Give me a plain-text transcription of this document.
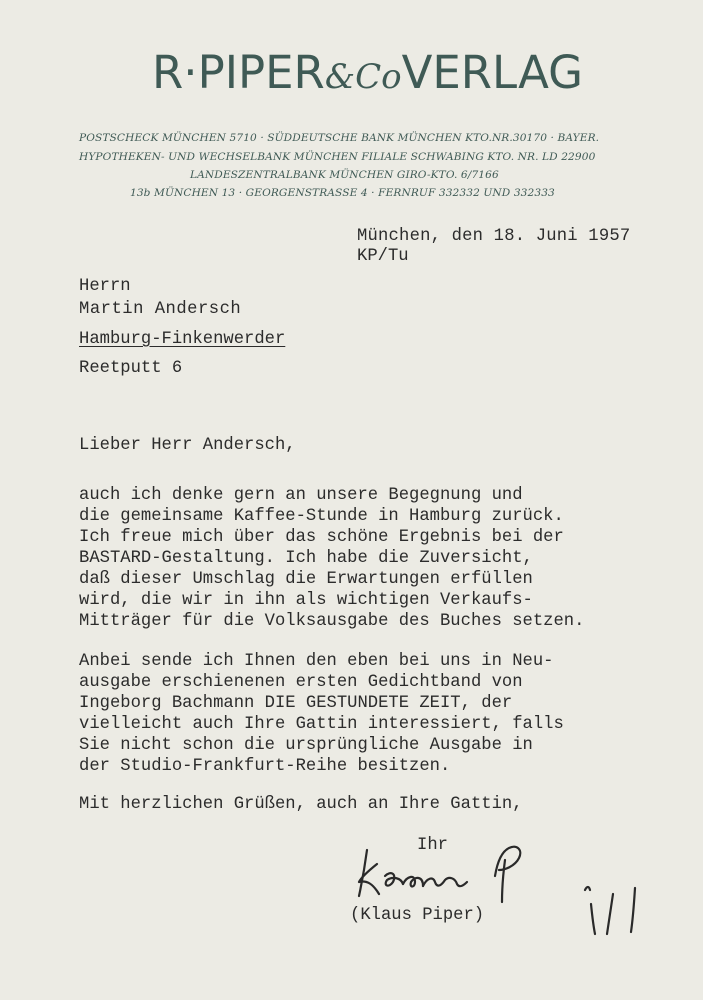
R·PIPER&CoVERLAG
POSTSCHECK MÜNCHEN 5710 · SÜDDEUTSCHE BANK MÜNCHEN KTO.NR.30170 · BAYER.
HYPOTHEKEN- UND WECHSELBANK MÜNCHEN FILIALE SCHWABING KTO. NR. LD 22900
LANDESZENTRALBANK MÜNCHEN GIRO-KTO. 6/7166
13b MÜNCHEN 13 · GEORGENSTRASSE 4 · FERNRUF 332332 UND 332333
München, den 18. Juni 1957
KP/Tu
Herrn
Martin Andersch
Hamburg-Finkenwerder
Reetputt 6
Lieber Herr Andersch,
auch ich denke gern an unsere Begegnung und
die gemeinsame Kaffee-Stunde in Hamburg zurück.
Ich freue mich über das schöne Ergebnis bei der
BASTARD-Gestaltung. Ich habe die Zuversicht,
daß dieser Umschlag die Erwartungen erfüllen
wird, die wir in ihn als wichtigen Verkaufs-
Mitträger für die Volksausgabe des Buches setzen.
Anbei sende ich Ihnen den eben bei uns in Neu-
ausgabe erschienenen ersten Gedichtband von
Ingeborg Bachmann DIE GESTUNDETE ZEIT, der
vielleicht auch Ihre Gattin interessiert, falls
Sie nicht schon die ursprüngliche Ausgabe in
der Studio-Frankfurt-Reihe besitzen.
Mit herzlichen Grüßen, auch an Ihre Gattin,
Ihr
(Klaus Piper)
